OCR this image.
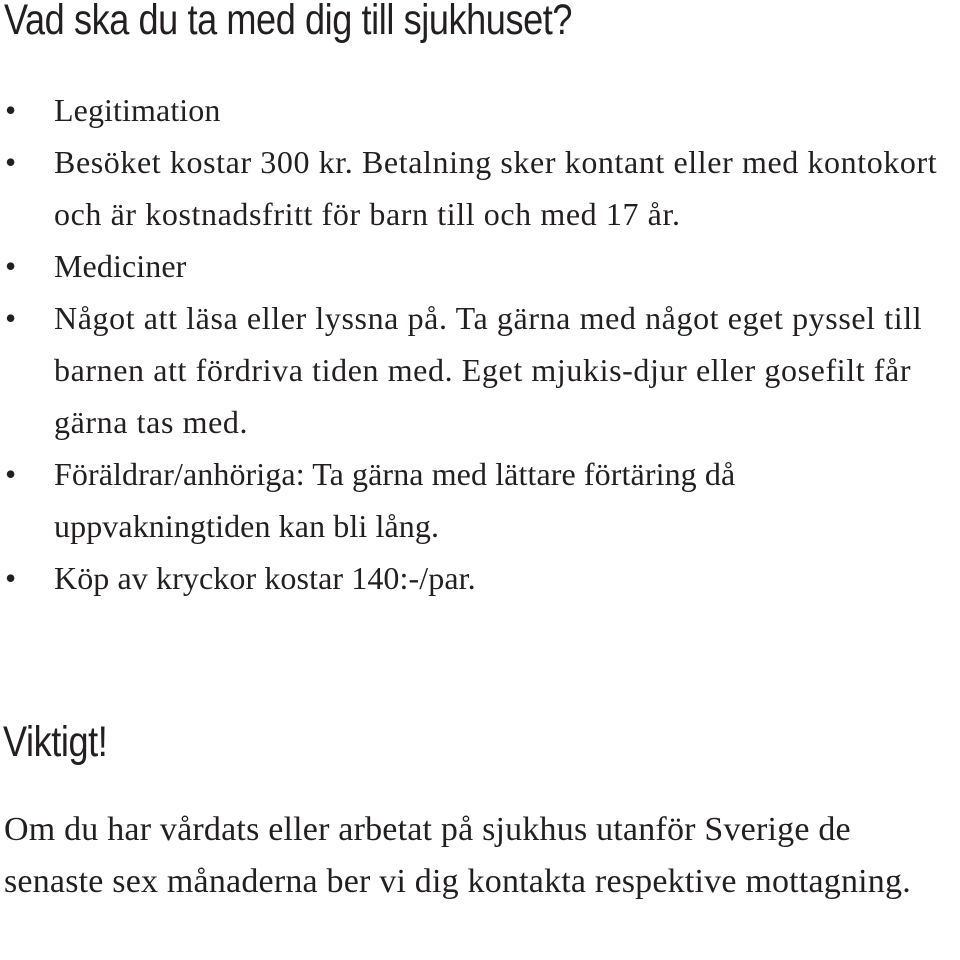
Vad ska du ta med dig till sjukhuset?
• Legitimation
• Besöket kostar 300 kr. Betalning sker kontant eller med kontokort och är kostnadsfritt för barn till och med 17 år.
• Mediciner
• Något att läsa eller lyssna på. Ta gärna med något eget pyssel till barnen att fördriva tiden med. Eget mjukis-djur eller gosefilt får gärna tas med.
• Föräldrar/anhöriga: Ta gärna med lättare förtäring då uppvakningtiden kan bli lång.
• Köp av kryckor kostar 140:-/par.
Viktigt!

Om du har vårdats eller arbetat på sjukhus utanför Sverige de senaste sex månaderna ber vi dig kontakta respektive mottagning.
